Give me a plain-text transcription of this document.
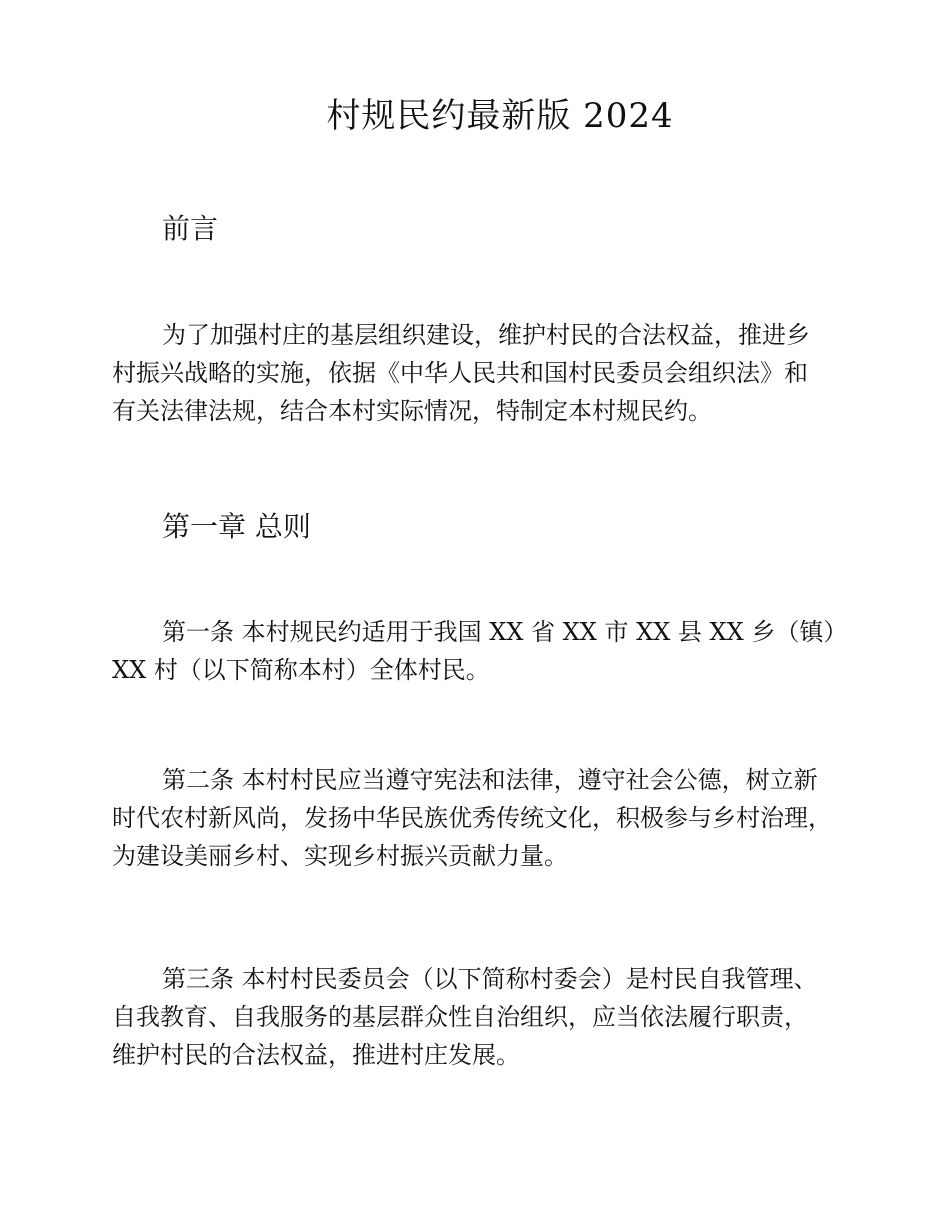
村规民约最新版 2024
前言
为了加强村庄的基层组织建设，维护村民的合法权益，推进乡
村振兴战略的实施，依据《中华人民共和国村民委员会组织法》和
有关法律法规，结合本村实际情况，特制定本村规民约。
第一章 总则
第一条 本村规民约适用于我国 XX 省 XX 市 XX 县 XX 乡（镇）
XX 村（以下简称本村）全体村民。
第二条 本村村民应当遵守宪法和法律，遵守社会公德，树立新
时代农村新风尚，发扬中华民族优秀传统文化，积极参与乡村治理，
为建设美丽乡村、实现乡村振兴贡献力量。
第三条 本村村民委员会（以下简称村委会）是村民自我管理、
自我教育、自我服务的基层群众性自治组织，应当依法履行职责，
维护村民的合法权益，推进村庄发展。
